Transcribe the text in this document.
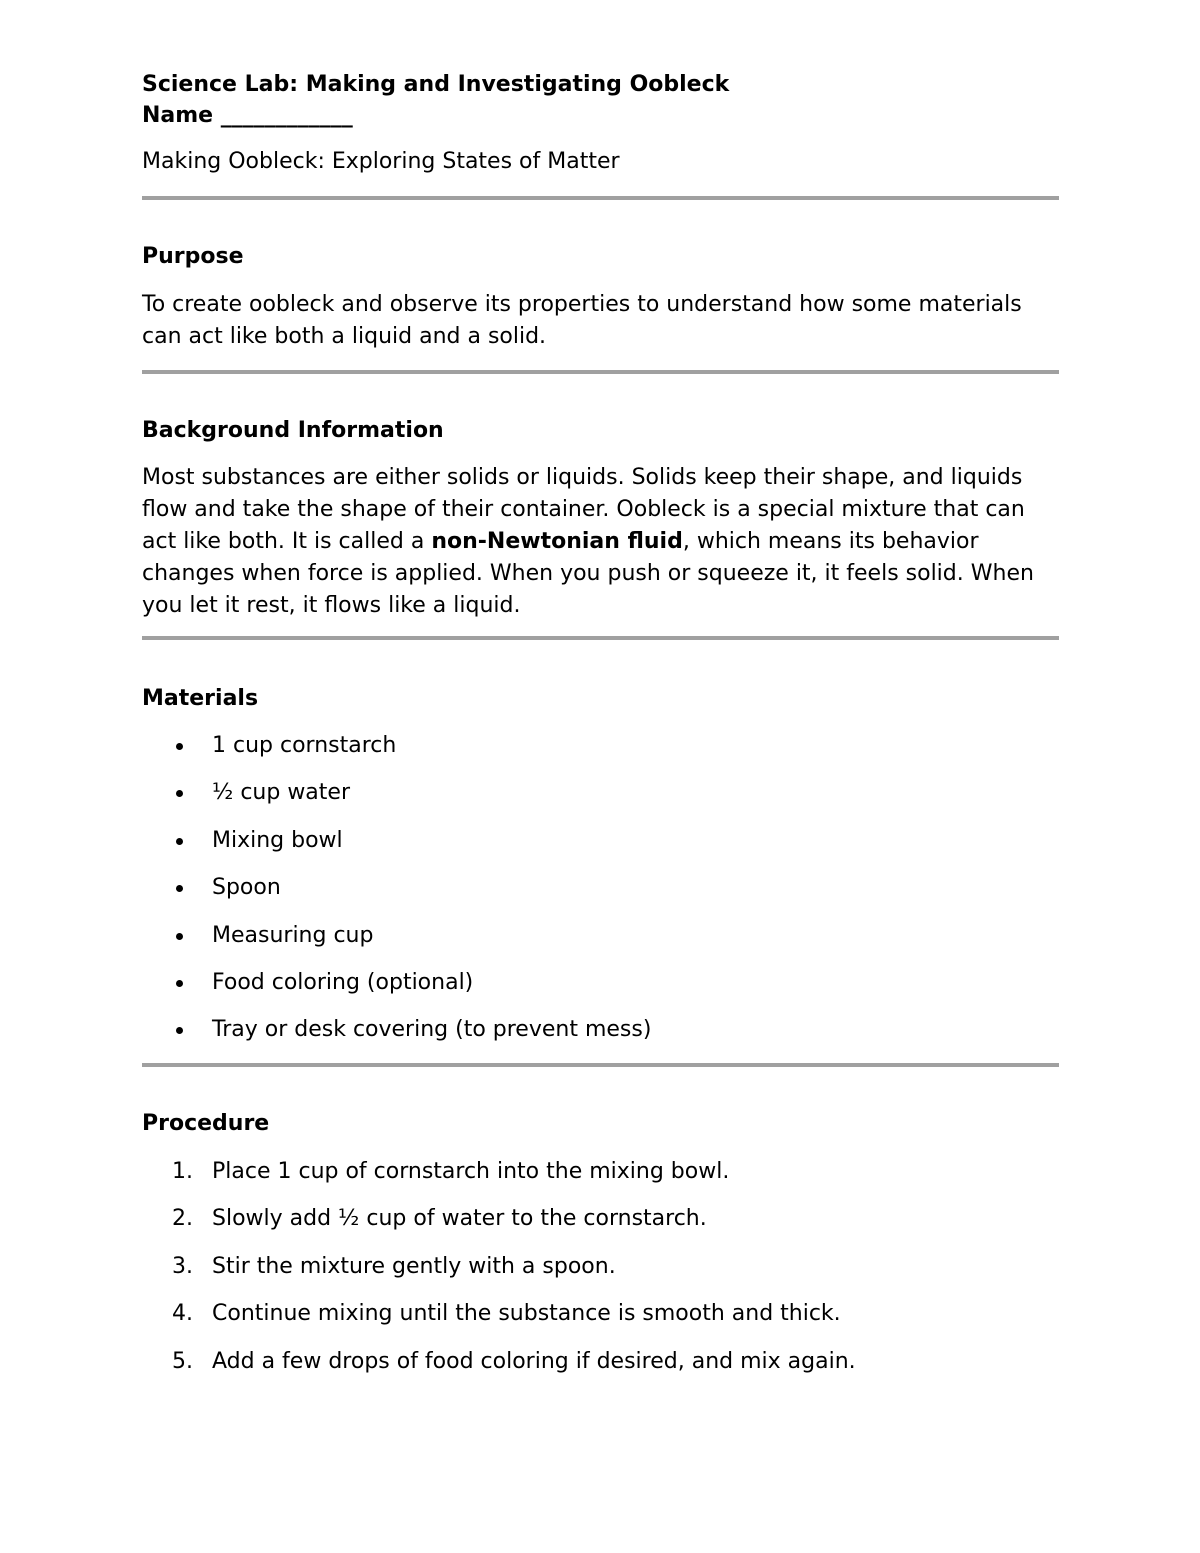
Science Lab: Making and Investigating Oobleck
Name ____________
Making Oobleck: Exploring States of Matter
Purpose

To create oobleck and observe its properties to understand how some materials can act like both a liquid and a solid.

Background Information

Most substances are either solids or liquids. Solids keep their shape, and liquids flow and take the shape of their container. Oobleck is a special mixture that can act like both. It is called a non-Newtonian fluid, which means its behavior changes when force is applied. When you push or squeeze it, it feels solid. When you let it rest, it flows like a liquid.

Materials
1 cup cornstarch
½ cup water
Mixing bowl
Spoon
Measuring cup
Food coloring (optional)
Tray or desk covering (to prevent mess)
Procedure
1. Place 1 cup of cornstarch into the mixing bowl.
2. Slowly add ½ cup of water to the cornstarch.
3. Stir the mixture gently with a spoon.
4. Continue mixing until the substance is smooth and thick.
5. Add a few drops of food coloring if desired, and mix again.
